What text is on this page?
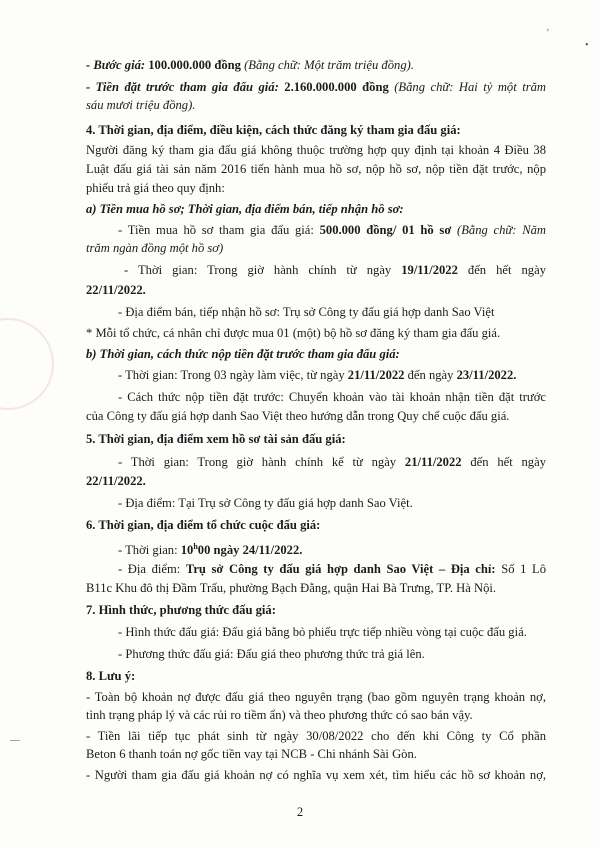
'
•
—
- Bước giá: 100.000.000 đồng (Bằng chữ: Một trăm triệu đồng).
- Tiền đặt trước tham gia đấu giá: 2.160.000.000 đồng (Bằng chữ: Hai tỷ một trăm
sáu mươi triệu đồng).
4. Thời gian, địa điểm, điều kiện, cách thức đăng ký tham gia đấu giá:
Người đăng ký tham gia đấu giá không thuộc trường hợp quy định tại khoản 4 Điều 38
Luật đấu giá tài sản năm 2016 tiến hành mua hồ sơ, nộp hồ sơ, nộp tiền đặt trước, nộp
phiếu trả giá theo quy định:
a) Tiền mua hồ sơ; Thời gian, địa điểm bán, tiếp nhận hồ sơ:
- Tiền mua hồ sơ tham gia đấu giá: 500.000 đồng/ 01 hồ sơ (Bằng chữ: Năm
trăm ngàn đồng một hồ sơ)
- Thời gian: Trong giờ hành chính từ ngày 19/11/2022 đến hết ngày
22/11/2022.
- Địa điểm bán, tiếp nhận hồ sơ: Trụ sở Công ty đấu giá hợp danh Sao Việt
* Mỗi tổ chức, cá nhân chỉ được mua 01 (một) bộ hồ sơ đăng ký tham gia đấu giá.
b) Thời gian, cách thức nộp tiền đặt trước tham gia đấu giá:
- Thời gian: Trong 03 ngày làm việc, từ ngày 21/11/2022 đến ngày 23/11/2022.
- Cách thức nộp tiền đặt trước: Chuyển khoản vào tài khoản nhận tiền đặt trước
của Công ty đấu giá hợp danh Sao Việt theo hướng dẫn trong Quy chế cuộc đấu giá.
5. Thời gian, địa điểm xem hồ sơ tài sản đấu giá:
- Thời gian: Trong giờ hành chính kể từ ngày 21/11/2022 đến hết ngày
22/11/2022.
- Địa điểm: Tại Trụ sở Công ty đấu giá hợp danh Sao Việt.
6. Thời gian, địa điểm tổ chức cuộc đấu giá:
- Thời gian: 10$^h$00 ngày 24/11/2022.
- Địa điểm: Trụ sở Công ty đấu giá hợp danh Sao Việt – Địa chỉ: Số 1 Lô
B11c Khu đô thị Đầm Trấu, phường Bạch Đằng, quận Hai Bà Trưng, TP. Hà Nội.
7. Hình thức, phương thức đấu giá:
- Hình thức đấu giá: Đấu giá bằng bỏ phiếu trực tiếp nhiều vòng tại cuộc đấu giá.
- Phương thức đấu giá: Đấu giá theo phương thức trả giá lên.
8. Lưu ý:
- Toàn bộ khoản nợ được đấu giá theo nguyên trạng (bao gồm nguyên trạng khoản nợ,
tình trạng pháp lý và các rủi ro tiềm ẩn) và theo phương thức có sao bán vậy.
- Tiền lãi tiếp tục phát sinh từ ngày 30/08/2022 cho đến khi Công ty Cổ phần
Beton 6 thanh toán nợ gốc tiền vay tại NCB - Chi nhánh Sài Gòn.
- Người tham gia đấu giá khoản nợ có nghĩa vụ xem xét, tìm hiểu các hồ sơ khoản nợ,
2
